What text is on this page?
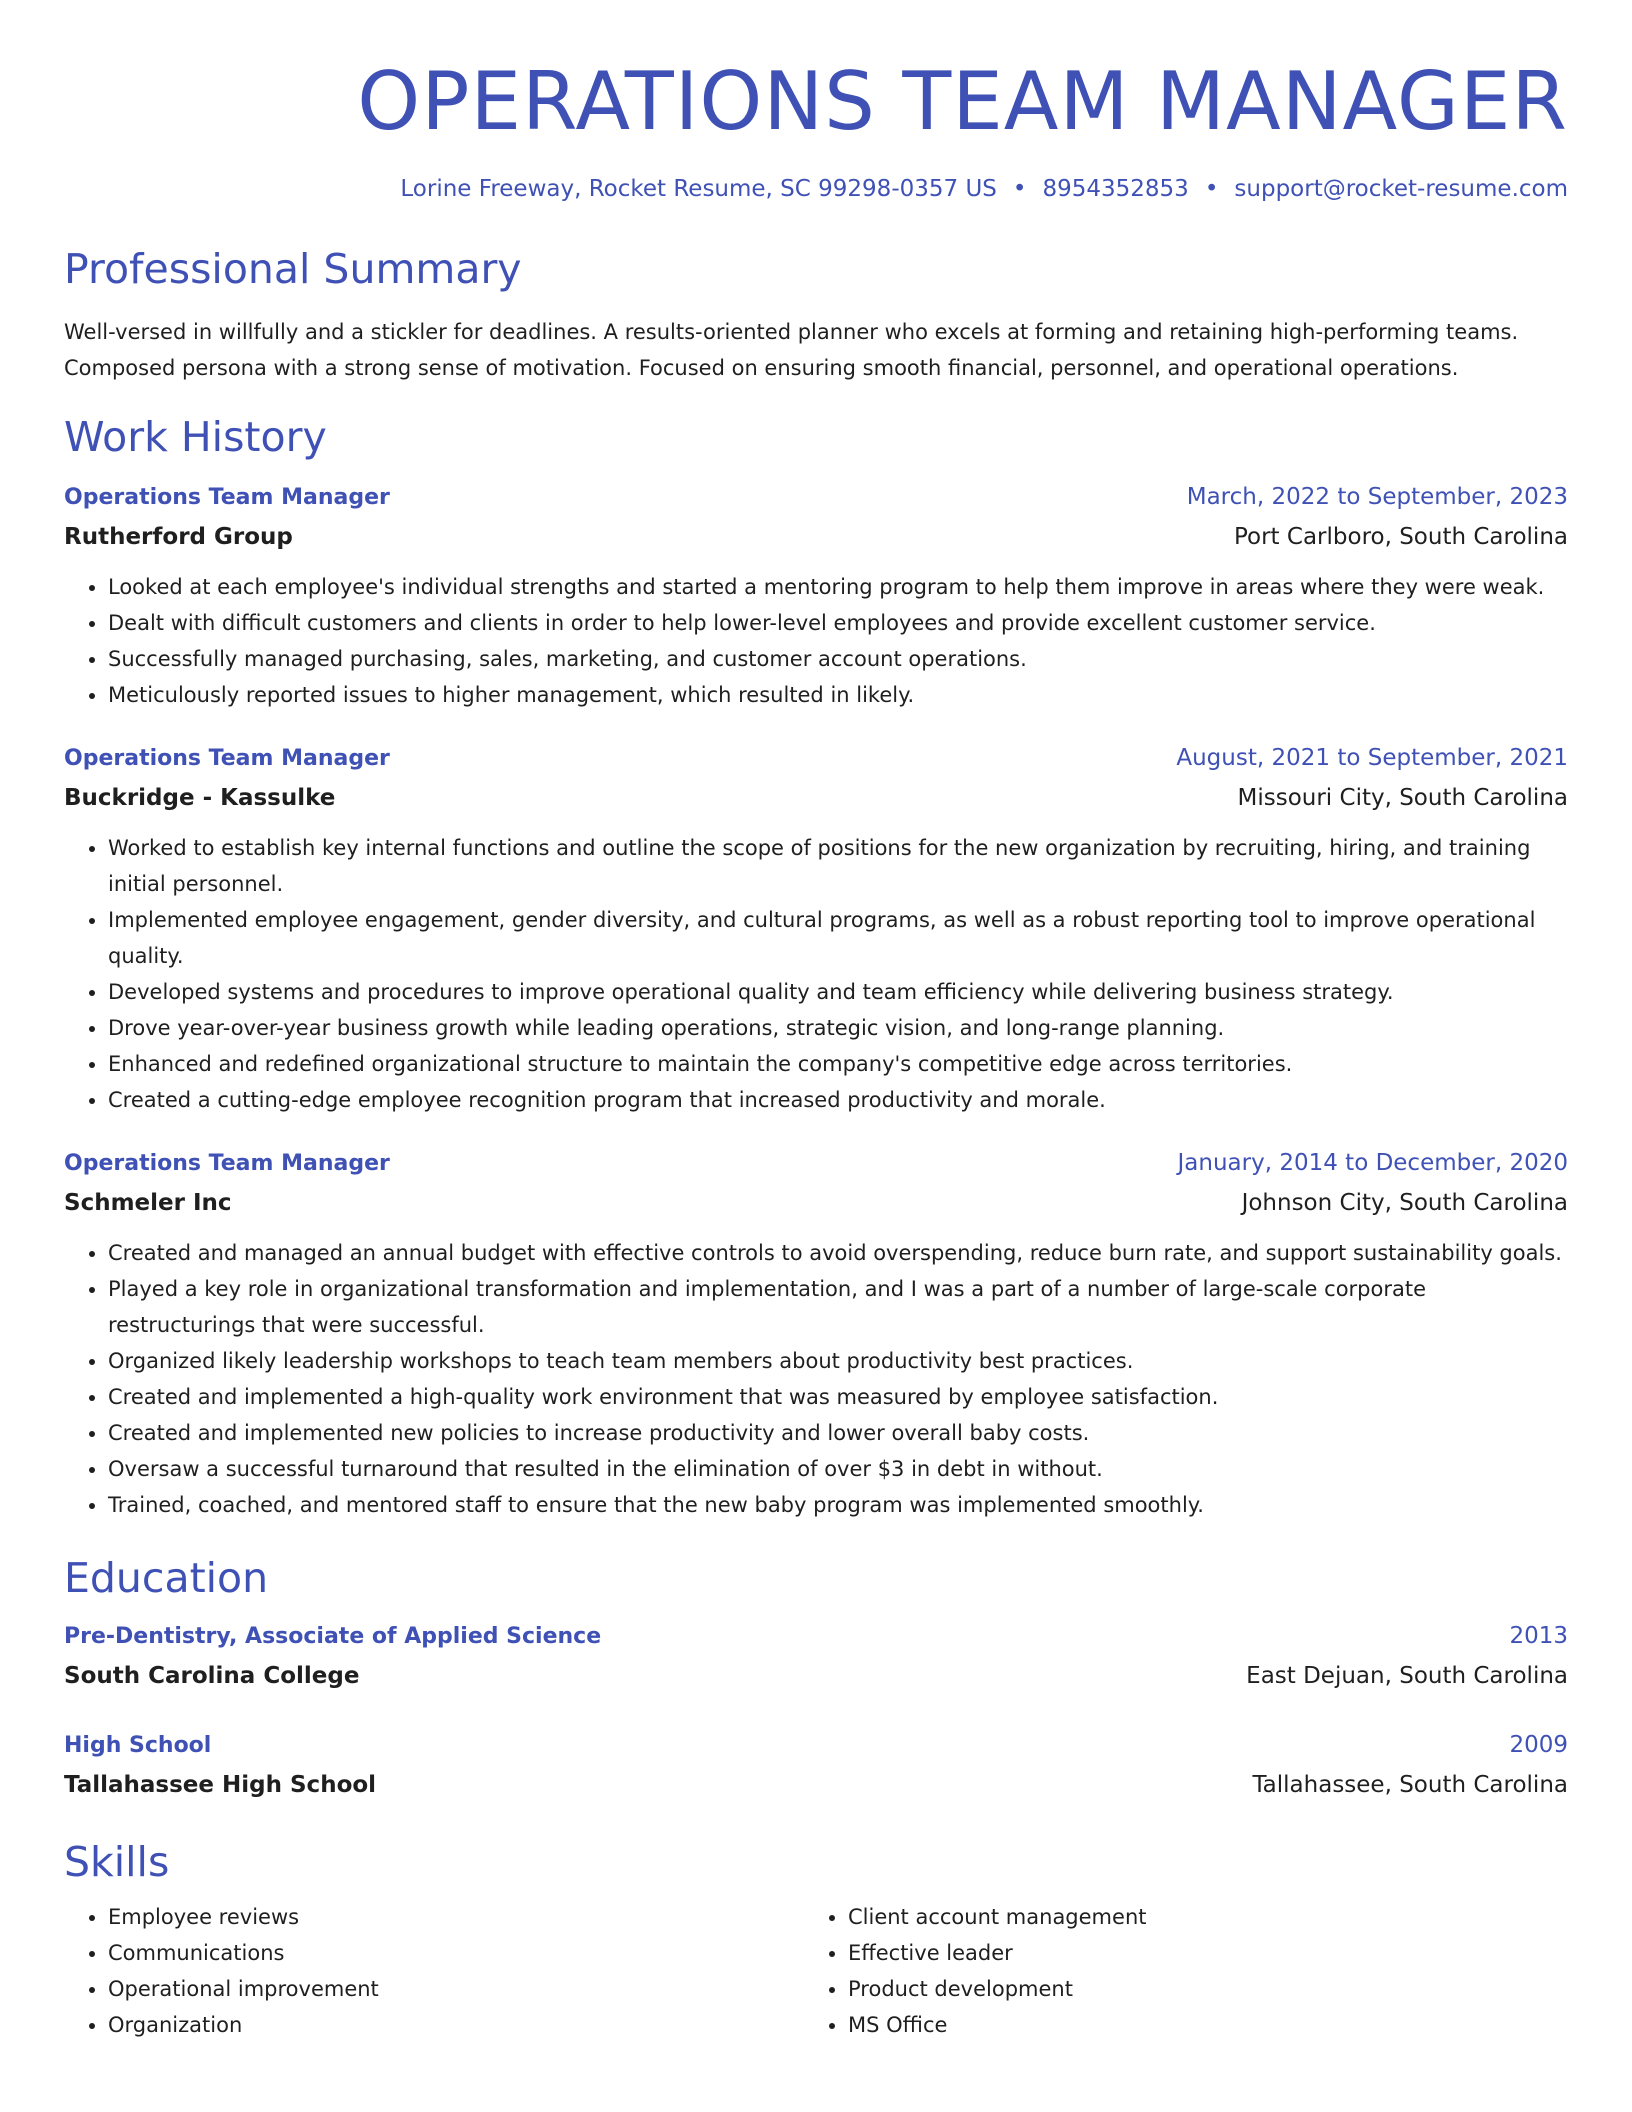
OPERATIONS TEAM MANAGER
Lorine Freeway, Rocket Resume, SC 99298-0357 US • 8954352853 • support@rocket-resume.com
Professional Summary

Well-versed in willfully and a stickler for deadlines. A results-oriented planner who excels at forming and retaining high-performing teams. Composed persona with a strong sense of motivation. Focused on ensuring smooth financial, personnel, and operational operations.

Work History
Operations Team Manager	March, 2022 to September, 2023
Rutherford Group	Port Carlboro, South Carolina
• Looked at each employee's individual strengths and started a mentoring program to help them improve in areas where they were weak.
• Dealt with difficult customers and clients in order to help lower-level employees and provide excellent customer service.
• Successfully managed purchasing, sales, marketing, and customer account operations.
• Meticulously reported issues to higher management, which resulted in likely.
Operations Team Manager	August, 2021 to September, 2021
Buckridge - Kassulke	Missouri City, South Carolina
• Worked to establish key internal functions and outline the scope of positions for the new organization by recruiting, hiring, and training initial personnel.
• Implemented employee engagement, gender diversity, and cultural programs, as well as a robust reporting tool to improve operational quality.
• Developed systems and procedures to improve operational quality and team efficiency while delivering business strategy.
• Drove year-over-year business growth while leading operations, strategic vision, and long-range planning.
• Enhanced and redefined organizational structure to maintain the company's competitive edge across territories.
• Created a cutting-edge employee recognition program that increased productivity and morale.
Operations Team Manager	January, 2014 to December, 2020
Schmeler Inc	Johnson City, South Carolina
• Created and managed an annual budget with effective controls to avoid overspending, reduce burn rate, and support sustainability goals.
• Played a key role in organizational transformation and implementation, and I was a part of a number of large-scale corporate restructurings that were successful.
• Organized likely leadership workshops to teach team members about productivity best practices.
• Created and implemented a high-quality work environment that was measured by employee satisfaction.
• Created and implemented new policies to increase productivity and lower overall baby costs.
• Oversaw a successful turnaround that resulted in the elimination of over $3 in debt in without.
• Trained, coached, and mentored staff to ensure that the new baby program was implemented smoothly.
Education
Pre-Dentistry, Associate of Applied Science	2013
South Carolina College	East Dejuan, South Carolina
High School	2009
Tallahassee High School	Tallahassee, South Carolina
Skills
• Employee reviews
• Communications
• Operational improvement
• Organization
• Client account management
• Effective leader
• Product development
• MS Office
